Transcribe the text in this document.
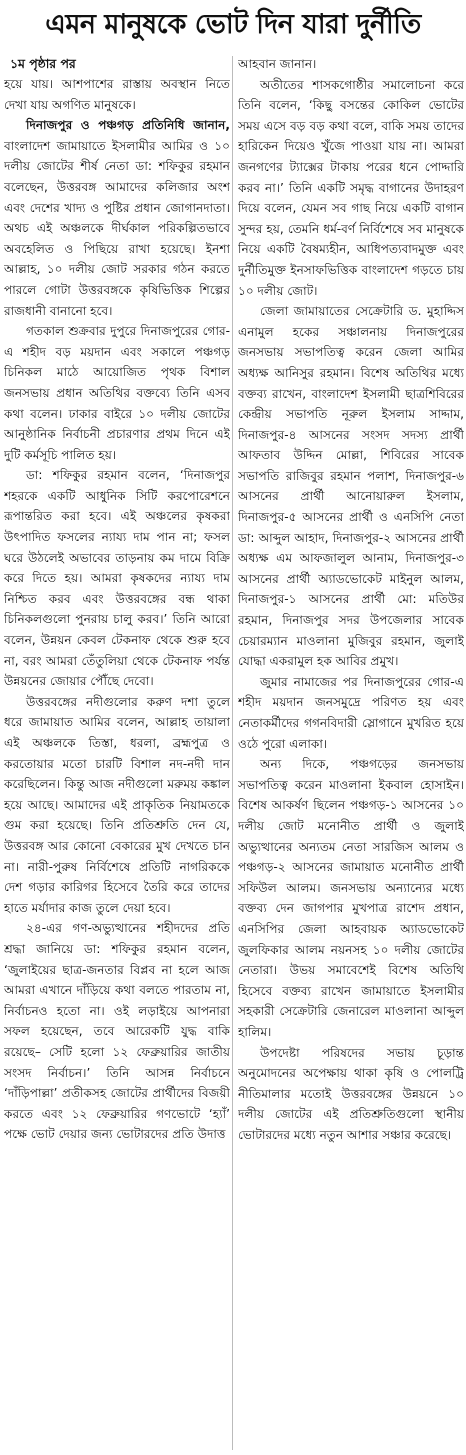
এমন মানুষকে ভোট দিন যারা দুর্নীতি

১ম পৃষ্ঠার পর

হয়ে যায়। আশপাশের রাস্তায় অবস্থান নিতে দেখা যায় অগণিত মানুষকে।

দিনাজপুর ও পঞ্চগড় প্রতিনিধি জানান, বাংলাদেশ জামায়াতে ইসলামীর আমির ও ১০ দলীয় জোটের শীর্ষ নেতা ডা: শফিকুর রহমান বলেছেন, উত্তরবঙ্গ আমাদের কলিজার অংশ এবং দেশের খাদ্য ও পুষ্টির প্রধান জোগানদাতা। অথচ এই অঞ্চলকে দীর্ঘকাল পরিকল্পিতভাবে অবহেলিত ও পিছিয়ে রাখা হয়েছে। ইনশা আল্লাহ, ১০ দলীয় জোট সরকার গঠন করতে পারলে গোটা উত্তরবঙ্গকে কৃষিভিত্তিক শিল্পের রাজধানী বানানো হবে।

গতকাল শুক্রবার দুপুরে দিনাজপুরের গোর-এ শহীদ বড় ময়দান এবং সকালে পঞ্চগড় চিনিকল মাঠে আয়োজিত পৃথক বিশাল জনসভায় প্রধান অতিথির বক্তব্যে তিনি এসব কথা বলেন। ঢাকার বাইরে ১০ দলীয় জোটের আনুষ্ঠানিক নির্বাচনী প্রচারণার প্রথম দিনে এই দুটি কর্মসূচি পালিত হয়।

ডা: শফিকুর রহমান বলেন, ‘দিনাজপুর শহরকে একটি আধুনিক সিটি করপোরেশনে রূপান্তরিত করা হবে। এই অঞ্চলের কৃষকরা উৎপাদিত ফসলের ন্যায্য দাম পান না; ফসল ঘরে উঠলেই অভাবের তাড়নায় কম দামে বিক্রি করে দিতে হয়। আমরা কৃষকদের ন্যায্য দাম নিশ্চিত করব এবং উত্তরবঙ্গের বন্ধ থাকা চিনিকলগুলো পুনরায় চালু করব।’ তিনি আরো বলেন, উন্নয়ন কেবল টেকনাফ থেকে শুরু হবে না, বরং আমরা তেঁতুলিয়া থেকে টেকনাফ পর্যন্ত উন্নয়নের জোয়ার পৌঁছে দেবো।

উত্তরবঙ্গের নদীগুলোর করুণ দশা তুলে ধরে জামায়াত আমির বলেন, আল্লাহ তায়ালা এই অঞ্চলকে তিস্তা, ধরলা, ব্রহ্মপুত্র ও করতোয়ার মতো চারটি বিশাল নদ-নদী দান করেছিলেন। কিন্তু আজ নদীগুলো মরুময় কঙ্কাল হয়ে আছে। আমাদের এই প্রাকৃতিক নিয়ামতকে গুম করা হয়েছে। তিনি প্রতিশ্রুতি দেন যে, উত্তরবঙ্গ আর কোনো বেকারের মুখ দেখতে চান না। নারী-পুরুষ নির্বিশেষে প্রতিটি নাগরিককে দেশ গড়ার কারিগর হিসেবে তৈরি করে তাদের হাতে মর্যাদার কাজ তুলে দেয়া হবে।

২৪-এর গণ-অভ্যুত্থানের শহীদদের প্রতি শ্রদ্ধা জানিয়ে ডা: শফিকুর রহমান বলেন, ‘জুলাইয়ের ছাত্র-জনতার বিপ্লব না হলে আজ আমরা এখানে দাঁড়িয়ে কথা বলতে পারতাম না, নির্বাচনও হতো না। ওই লড়াইয়ে আপনারা সফল হয়েছেন, তবে আরেকটি যুদ্ধ বাকি রয়েছে– সেটি হলো ১২ ফেব্রুয়ারির জাতীয় সংসদ নির্বাচন।’ তিনি আসন্ন নির্বাচনে ‘দাঁড়িপাল্লা’ প্রতীকসহ জোটের প্রার্থীদের বিজয়ী করতে এবং ১২ ফেব্রুয়ারির গণভোটে ‘হ্যাঁ’ পক্ষে ভোট দেয়ার জন্য ভোটারদের প্রতি উদাত্ত

আহবান জানান।

অতীতের শাসকগোষ্ঠীর সমালোচনা করে তিনি বলেন, ‘কিছু বসন্তের কোকিল ভোটের সময় এসে বড় বড় কথা বলে, বাকি সময় তাদের হারিকেন দিয়েও খুঁজে পাওয়া যায় না। আমরা জনগণের ট্যাক্সের টাকায় পরের ধনে পোদ্দারি করব না।’ তিনি একটি সমৃদ্ধ বাগানের উদাহরণ দিয়ে বলেন, যেমন সব গাছ নিয়ে একটি বাগান সুন্দর হয়, তেমনি ধর্ম-বর্ণ নির্বিশেষে সব মানুষকে নিয়ে একটি বৈষম্যহীন, আধিপত্যবাদমুক্ত এবং দুর্নীতিমুক্ত ইনসাফভিত্তিক বাংলাদেশ গড়তে চায় ১০ দলীয় জোট।

জেলা জামায়াতের সেক্রেটারি ড. মুহাদ্দিস এনামুল হকের সঞ্চালনায় দিনাজপুরের জনসভায় সভাপতিত্ব করেন জেলা আমির অধ্যক্ষ আনিসুর রহমান। বিশেষ অতিথির মধ্যে বক্তব্য রাখেন, বাংলাদেশ ইসলামী ছাত্রশিবিরের কেন্দ্রীয় সভাপতি নূরুল ইসলাম সাদ্দাম, দিনাজপুর-৪ আসনের সংসদ সদস্য প্রার্থী আফতাব উদ্দিন মোল্লা, শিবিরের সাবেক সভাপতি রাজিবুর রহমান পলাশ, দিনাজপুর-৬ আসনের প্রার্থী আনোয়ারুল ইসলাম, দিনাজপুর-৫ আসনের প্রার্থী ও এনসিপি নেতা ডা: আব্দুল আহাদ, দিনাজপুর-২ আসনের প্রার্থী অধ্যক্ষ এম আফজালুল আনাম, দিনাজপুর-৩ আসনের প্রার্থী অ্যাডভোকেট মাইনুল আলম, দিনাজপুর-১ আসনের প্রার্থী মো: মতিউর রহমান, দিনাজপুর সদর উপজেলার সাবেক চেয়ারম্যান মাওলানা মুজিবুর রহমান, জুলাই যোদ্ধা একরামুল হক আবির প্রমুখ।

জুমার নামাজের পর দিনাজপুরের গোর-এ শহীদ ময়দান জনসমুদ্রে পরিণত হয় এবং নেতাকর্মীদের গগনবিদারী স্লোগানে মুখরিত হয়ে ওঠে পুরো এলাকা।

অন্য দিকে, পঞ্চগড়ের জনসভায় সভাপতিত্ব করেন মাওলানা ইকবাল হোসাইন। বিশেষ আকর্ষণ ছিলেন পঞ্চগড়-১ আসনের ১০ দলীয় জোট মনোনীত প্রার্থী ও জুলাই অভ্যুত্থানের অন্যতম নেতা সারজিস আলম ও পঞ্চগড়-২ আসনের জামায়াত মনোনীত প্রার্থী সফিউল আলম। জনসভায় অন্যান্যের মধ্যে বক্তব্য দেন জাগপার মুখপাত্র রাশেদ প্রধান, এনসিপির জেলা আহবায়ক অ্যাডভোকেট জুলফিকার আলম নয়নসহ ১০ দলীয় জোটের নেতারা। উভয় সমাবেশেই বিশেষ অতিথি হিসেবে বক্তব্য রাখেন জামায়াতে ইসলামীর সহকারী সেক্রেটারি জেনারেল মাওলানা আব্দুল হালিম।

উপদেষ্টা পরিষদের সভায় চূড়ান্ত অনুমোদনের অপেক্ষায় থাকা কৃষি ও পোলট্রি নীতিমালার মতোই উত্তরবঙ্গের উন্নয়নে ১০ দলীয় জোটের এই প্রতিশ্রুতিগুলো স্থানীয় ভোটারদের মধ্যে নতুন আশার সঞ্চার করেছে।
